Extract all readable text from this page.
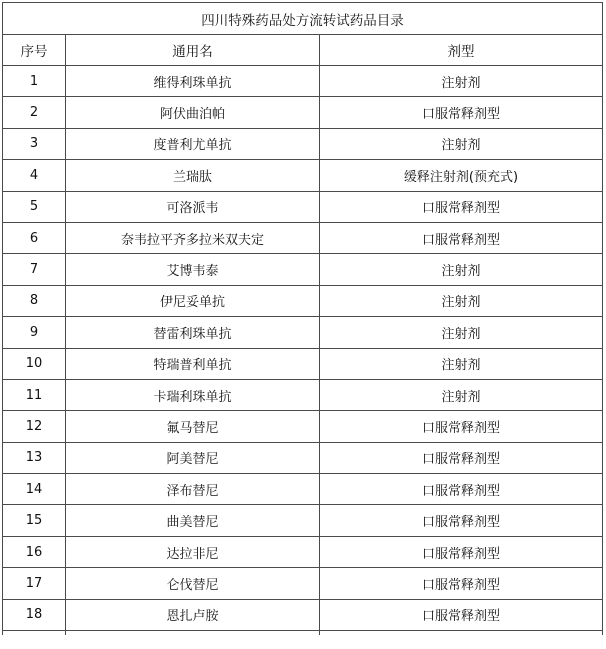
四川特殊药品处方流转试药品目录		
序号	通用名	剂型
1	维得利珠单抗	注射剂
2	阿伏曲泊帕	口服常释剂型
3	度普利尤单抗	注射剂
4	兰瑞肽	缓释注射剂(预充式)
5	可洛派韦	口服常释剂型
6	奈韦拉平齐多拉米双夫定	口服常释剂型
7	艾博韦泰	注射剂
8	伊尼妥单抗	注射剂
9	替雷利珠单抗	注射剂
10	特瑞普利单抗	注射剂
11	卡瑞利珠单抗	注射剂
12	氟马替尼	口服常释剂型
13	阿美替尼	口服常释剂型
14	泽布替尼	口服常释剂型
15	曲美替尼	口服常释剂型
16	达拉非尼	口服常释剂型
17	仑伐替尼	口服常释剂型
18	恩扎卢胺	口服常释剂型
